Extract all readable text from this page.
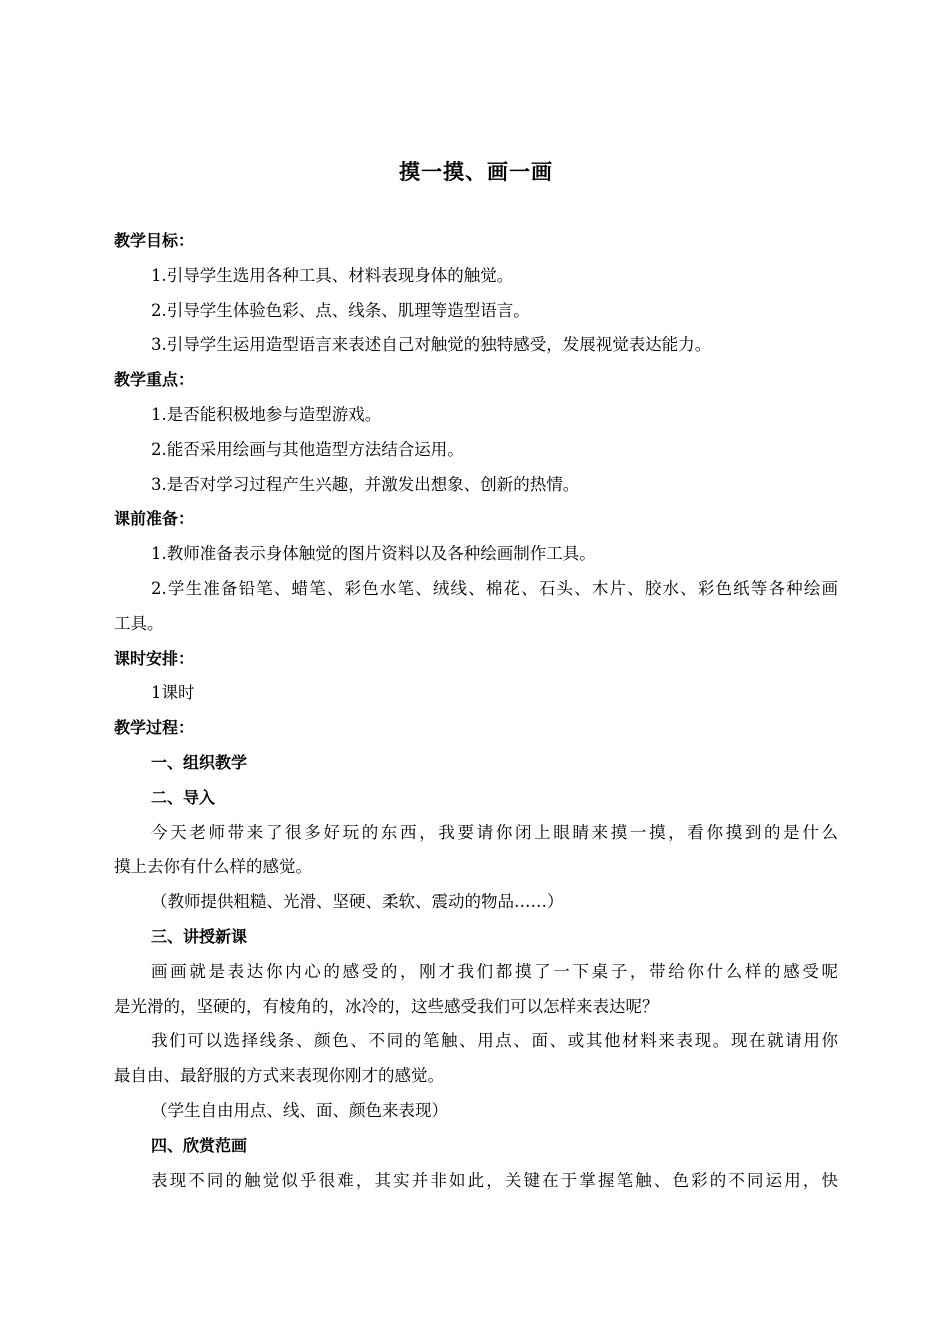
摸一摸、画一画
教学目标：
1.引导学生选用各种工具、材料表现身体的触觉。
2.引导学生体验色彩、点、线条、肌理等造型语言。
3.引导学生运用造型语言来表述自己对触觉的独特感受，发展视觉表达能力。
教学重点：
1.是否能积极地参与造型游戏。
2.能否采用绘画与其他造型方法结合运用。
3.是否对学习过程产生兴趣，并激发出想象、创新的热情。
课前准备：
1.教师准备表示身体触觉的图片资料以及各种绘画制作工具。
2.学生准备铅笔、蜡笔、彩色水笔、绒线、棉花、石头、木片、胶水、彩色纸等各种绘画
工具。
课时安排：
1课时
教学过程：
一、组织教学
二、导入
今天老师带来了很多好玩的东西，我要请你闭上眼睛来摸一摸，看你摸到的是什么
摸上去你有什么样的感觉。
（教师提供粗糙、光滑、坚硬、柔软、震动的物品……）
三、讲授新课
画画就是表达你内心的感受的，刚才我们都摸了一下桌子，带给你什么样的感受呢
是光滑的，坚硬的，有棱角的，冰冷的，这些感受我们可以怎样来表达呢？
我们可以选择线条、颜色、不同的笔触、用点、面、或其他材料来表现。现在就请用你
最自由、最舒服的方式来表现你刚才的感觉。
（学生自由用点、线、面、颜色来表现）
四、欣赏范画
表现不同的触觉似乎很难，其实并非如此，关键在于掌握笔触、色彩的不同运用，快
